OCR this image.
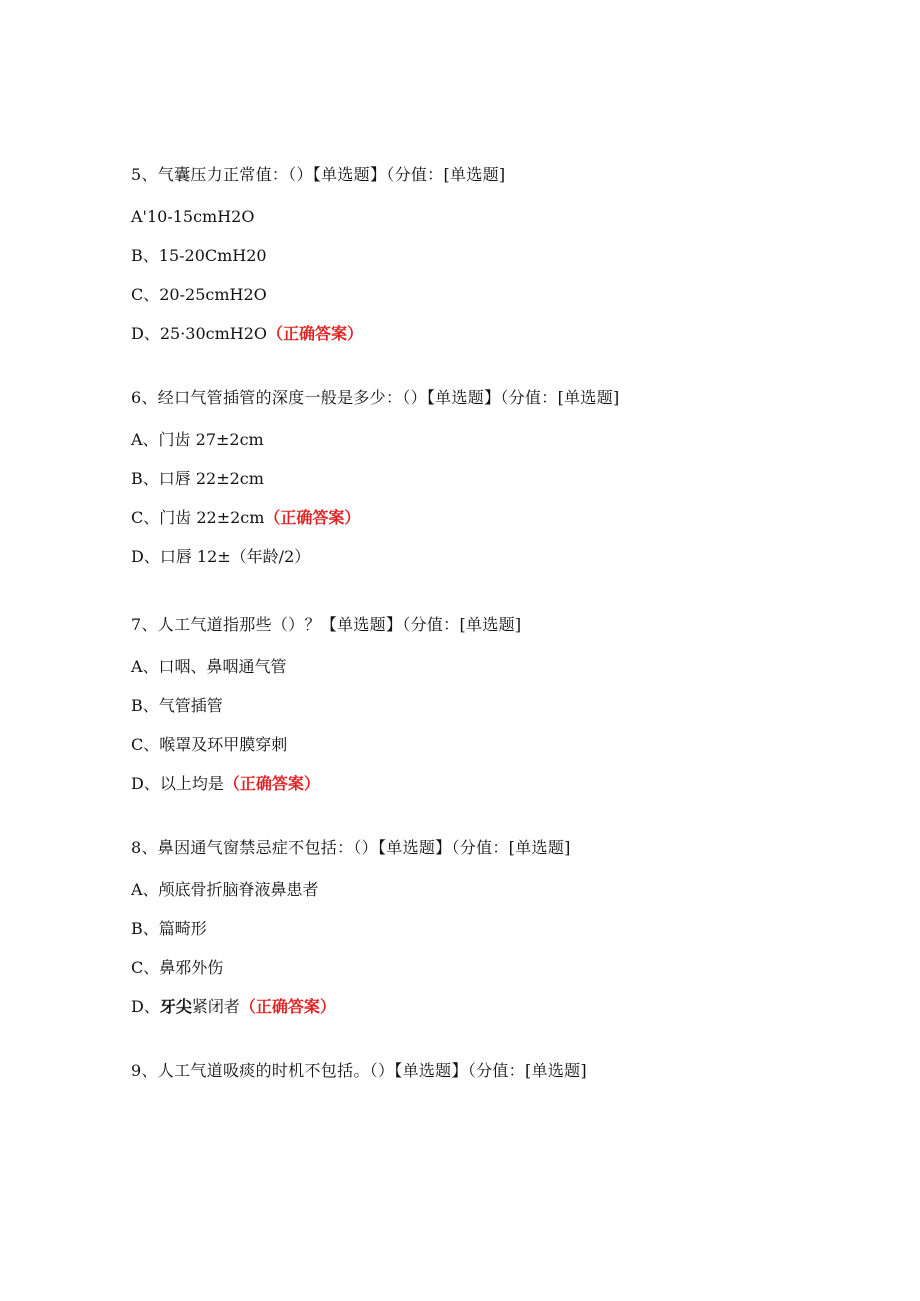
5、气囊压力正常值：（）【单选题】（分值：[单选题]
A'10-15cmH2O
B、15-20CmH20
C、20-25cmH2O
D、25·30cmH2O（正确答案）
6、经口气管插管的深度一般是多少：（）【单选题】（分值：[单选题]
A、门齿 27±2cm
B、口唇 22±2cm
C、门齿 22±2cm（正确答案）
D、口唇 12±（年龄/2）
7、人工气道指那些（）？【单选题】（分值：[单选题]
A、口咽、鼻咽通气管
B、气管插管
C、喉罩及环甲膜穿刺
D、以上均是（正确答案）
8、鼻因通气窗禁忌症不包括：（）【单选题】（分值：[单选题]
A、颅底骨折脑脊液鼻患者
B、篇畸形
C、鼻邪外伤
D、牙尖紧闭者（正确答案）
9、人工气道吸痰的时机不包括。（）【单选题】（分值：[单选题]
